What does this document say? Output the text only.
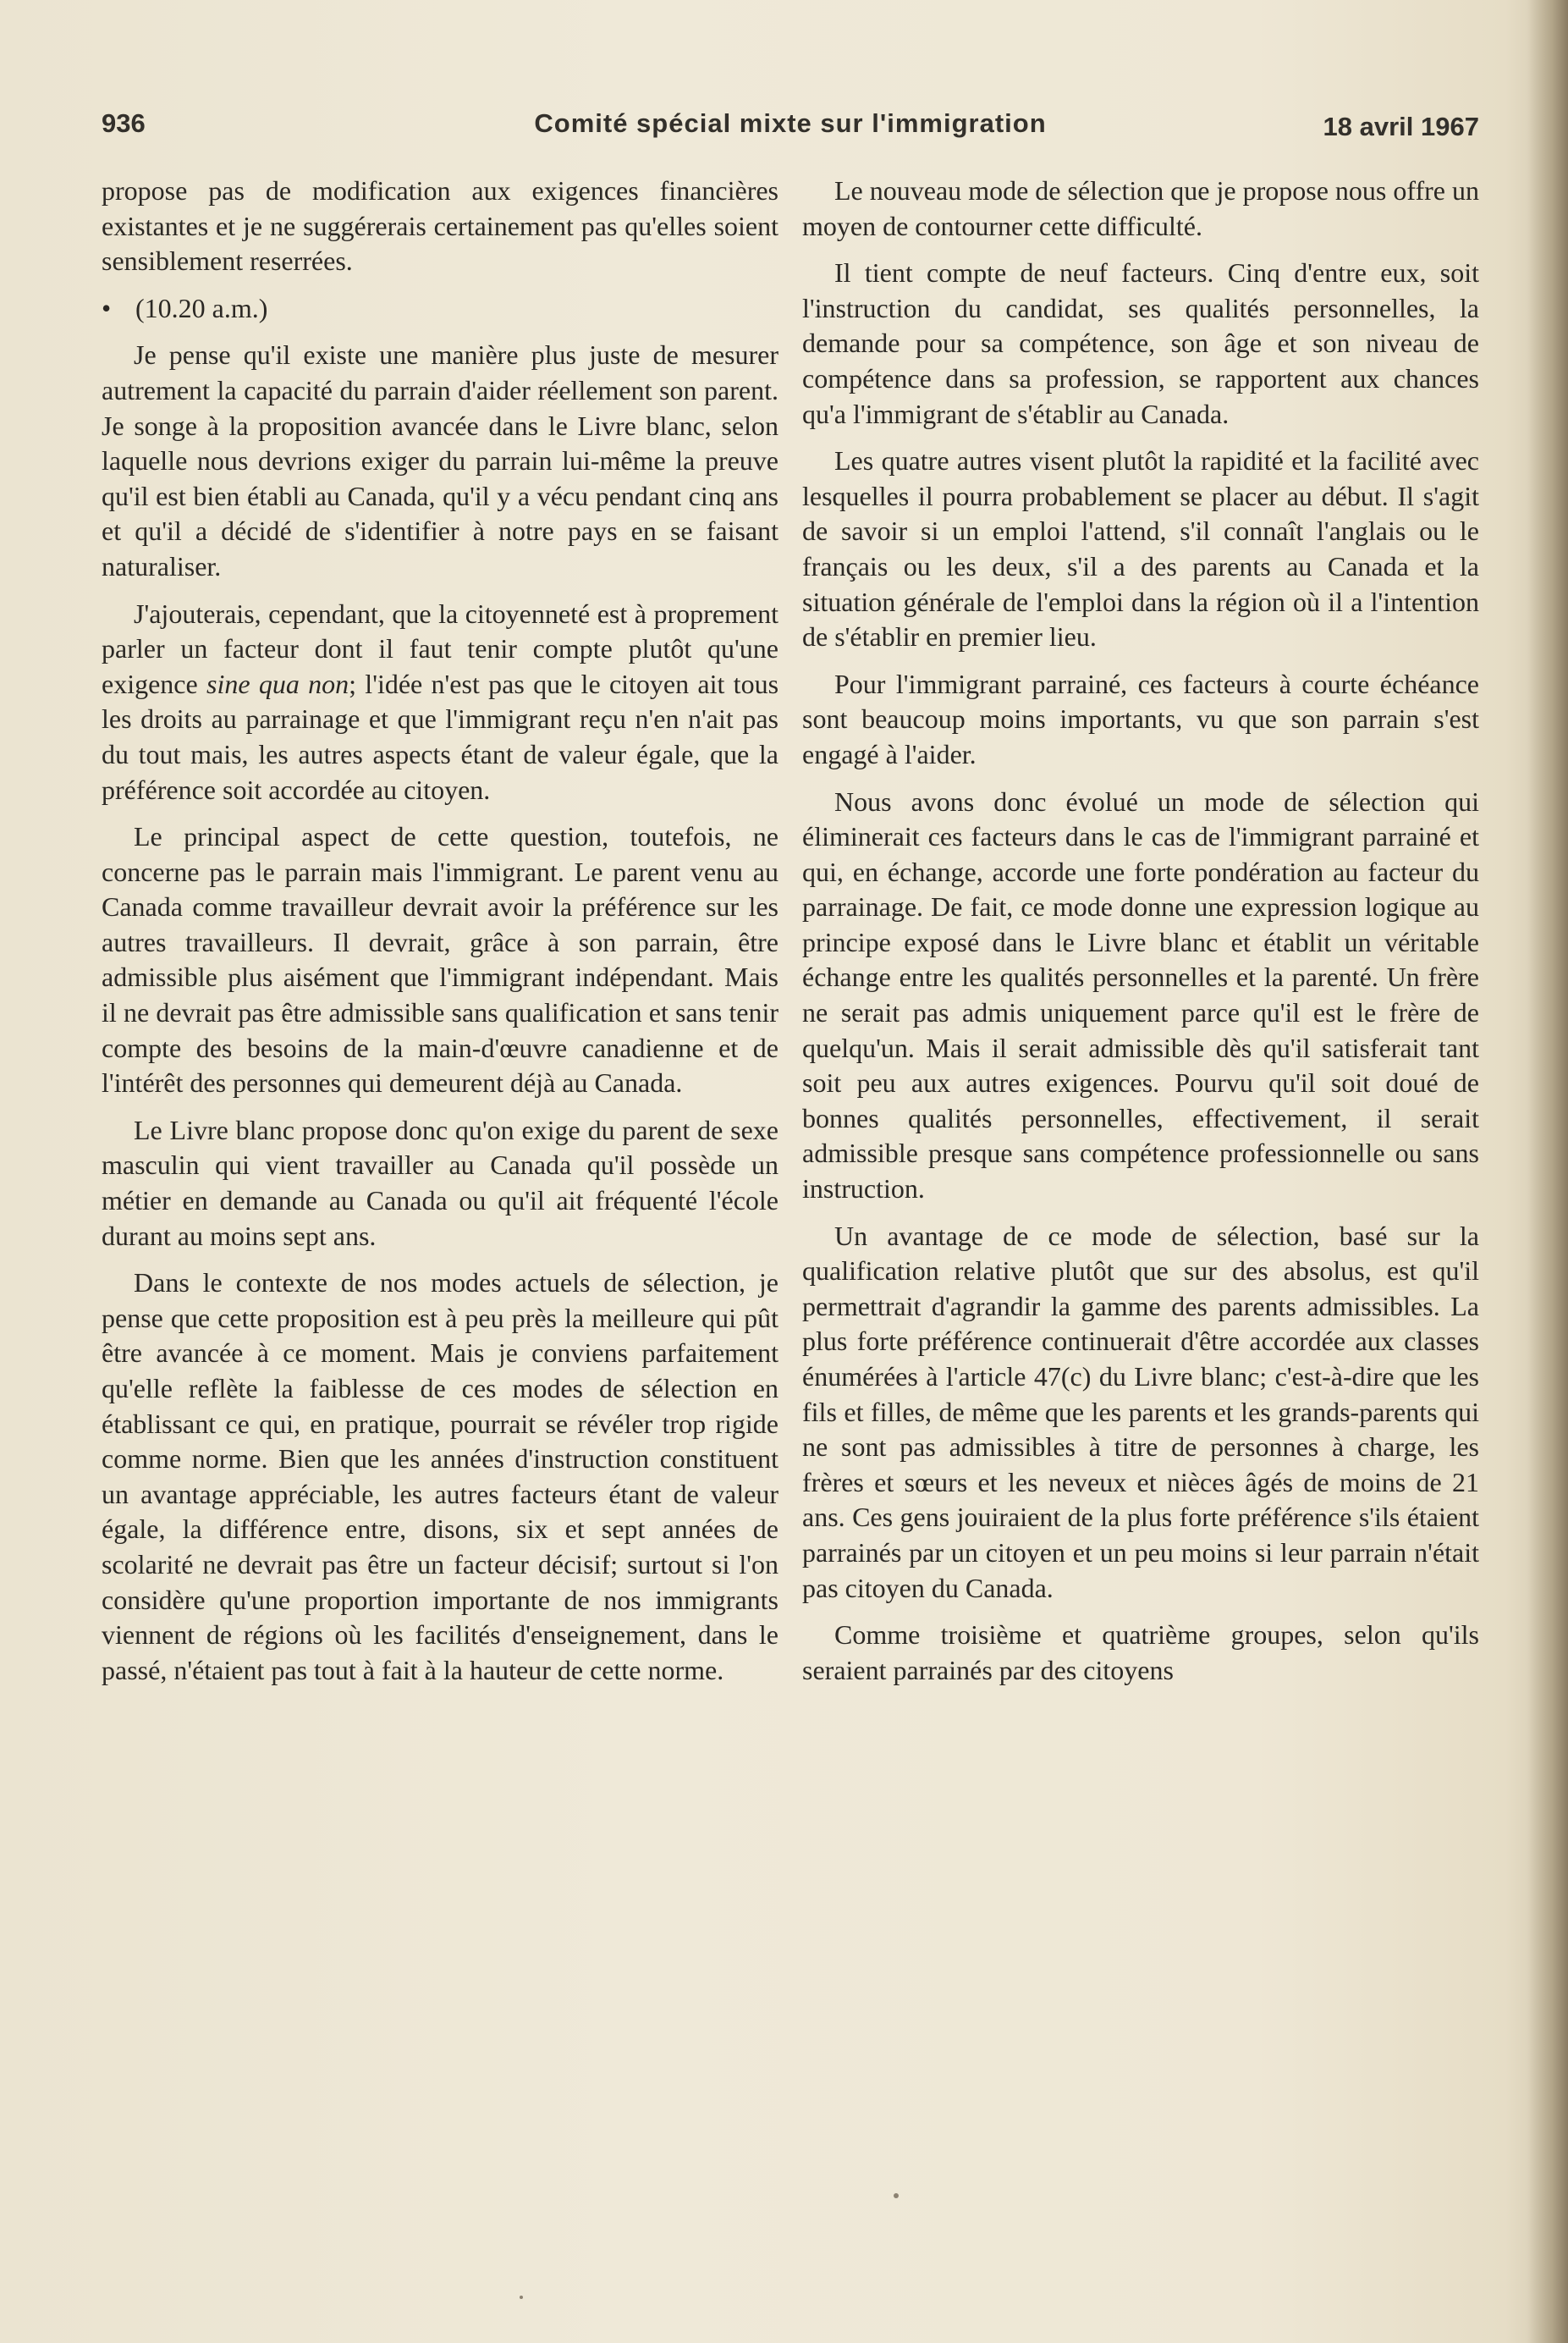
936	Comité spécial mixte sur l'immigration	18 avril 1967

propose pas de modification aux exigences financières existantes et je ne suggérerais certainement pas qu'elles soient sensiblement reserrées.

• (10.20 a.m.)

Je pense qu'il existe une manière plus juste de mesurer autrement la capacité du parrain d'aider réellement son parent. Je songe à la proposition avancée dans le Livre blanc, selon laquelle nous devrions exiger du parrain lui-même la preuve qu'il est bien établi au Canada, qu'il y a vécu pendant cinq ans et qu'il a décidé de s'identifier à notre pays en se faisant naturaliser.

J'ajouterais, cependant, que la citoyenneté est à proprement parler un facteur dont il faut tenir compte plutôt qu'une exigence sine qua non; l'idée n'est pas que le citoyen ait tous les droits au parrainage et que l'immigrant reçu n'en n'ait pas du tout mais, les autres aspects étant de valeur égale, que la préférence soit accordée au citoyen.

Le principal aspect de cette question, toutefois, ne concerne pas le parrain mais l'immigrant. Le parent venu au Canada comme travailleur devrait avoir la préférence sur les autres travailleurs. Il devrait, grâce à son parrain, être admissible plus aisément que l'immigrant indépendant. Mais il ne devrait pas être admissible sans qualification et sans tenir compte des besoins de la main-d'œuvre canadienne et de l'intérêt des personnes qui demeurent déjà au Canada.

Le Livre blanc propose donc qu'on exige du parent de sexe masculin qui vient travailler au Canada qu'il possède un métier en demande au Canada ou qu'il ait fréquenté l'école durant au moins sept ans.

Dans le contexte de nos modes actuels de sélection, je pense que cette proposition est à peu près la meilleure qui pût être avancée à ce moment. Mais je conviens parfaitement qu'elle reflète la faiblesse de ces modes de sélection en établissant ce qui, en pratique, pourrait se révéler trop rigide comme norme. Bien que les années d'instruction constituent un avantage appréciable, les autres facteurs étant de valeur égale, la différence entre, disons, six et sept années de scolarité ne devrait pas être un facteur décisif; surtout si l'on considère qu'une proportion importante de nos immigrants viennent de régions où les facilités d'enseignement, dans le passé, n'étaient pas tout à fait à la hauteur de cette norme.

Le nouveau mode de sélection que je propose nous offre un moyen de contourner cette difficulté.

Il tient compte de neuf facteurs. Cinq d'entre eux, soit l'instruction du candidat, ses qualités personnelles, la demande pour sa compétence, son âge et son niveau de compétence dans sa profession, se rapportent aux chances qu'a l'immigrant de s'établir au Canada.

Les quatre autres visent plutôt la rapidité et la facilité avec lesquelles il pourra probablement se placer au début. Il s'agit de savoir si un emploi l'attend, s'il connaît l'anglais ou le français ou les deux, s'il a des parents au Canada et la situation générale de l'emploi dans la région où il a l'intention de s'établir en premier lieu.

Pour l'immigrant parrainé, ces facteurs à courte échéance sont beaucoup moins importants, vu que son parrain s'est engagé à l'aider.

Nous avons donc évolué un mode de sélection qui éliminerait ces facteurs dans le cas de l'immigrant parrainé et qui, en échange, accorde une forte pondération au facteur du parrainage. De fait, ce mode donne une expression logique au principe exposé dans le Livre blanc et établit un véritable échange entre les qualités personnelles et la parenté. Un frère ne serait pas admis uniquement parce qu'il est le frère de quelqu'un. Mais il serait admissible dès qu'il satisferait tant soit peu aux autres exigences. Pourvu qu'il soit doué de bonnes qualités personnelles, effectivement, il serait admissible presque sans compétence professionnelle ou sans instruction.

Un avantage de ce mode de sélection, basé sur la qualification relative plutôt que sur des absolus, est qu'il permettrait d'agrandir la gamme des parents admissibles. La plus forte préférence continuerait d'être accordée aux classes énumérées à l'article 47(c) du Livre blanc; c'est-à-dire que les fils et filles, de même que les parents et les grands-parents qui ne sont pas admissibles à titre de personnes à charge, les frères et sœurs et les neveux et nièces âgés de moins de 21 ans. Ces gens jouiraient de la plus forte préférence s'ils étaient parrainés par un citoyen et un peu moins si leur parrain n'était pas citoyen du Canada.

Comme troisième et quatrième groupes, selon qu'ils seraient parrainés par des citoyens
